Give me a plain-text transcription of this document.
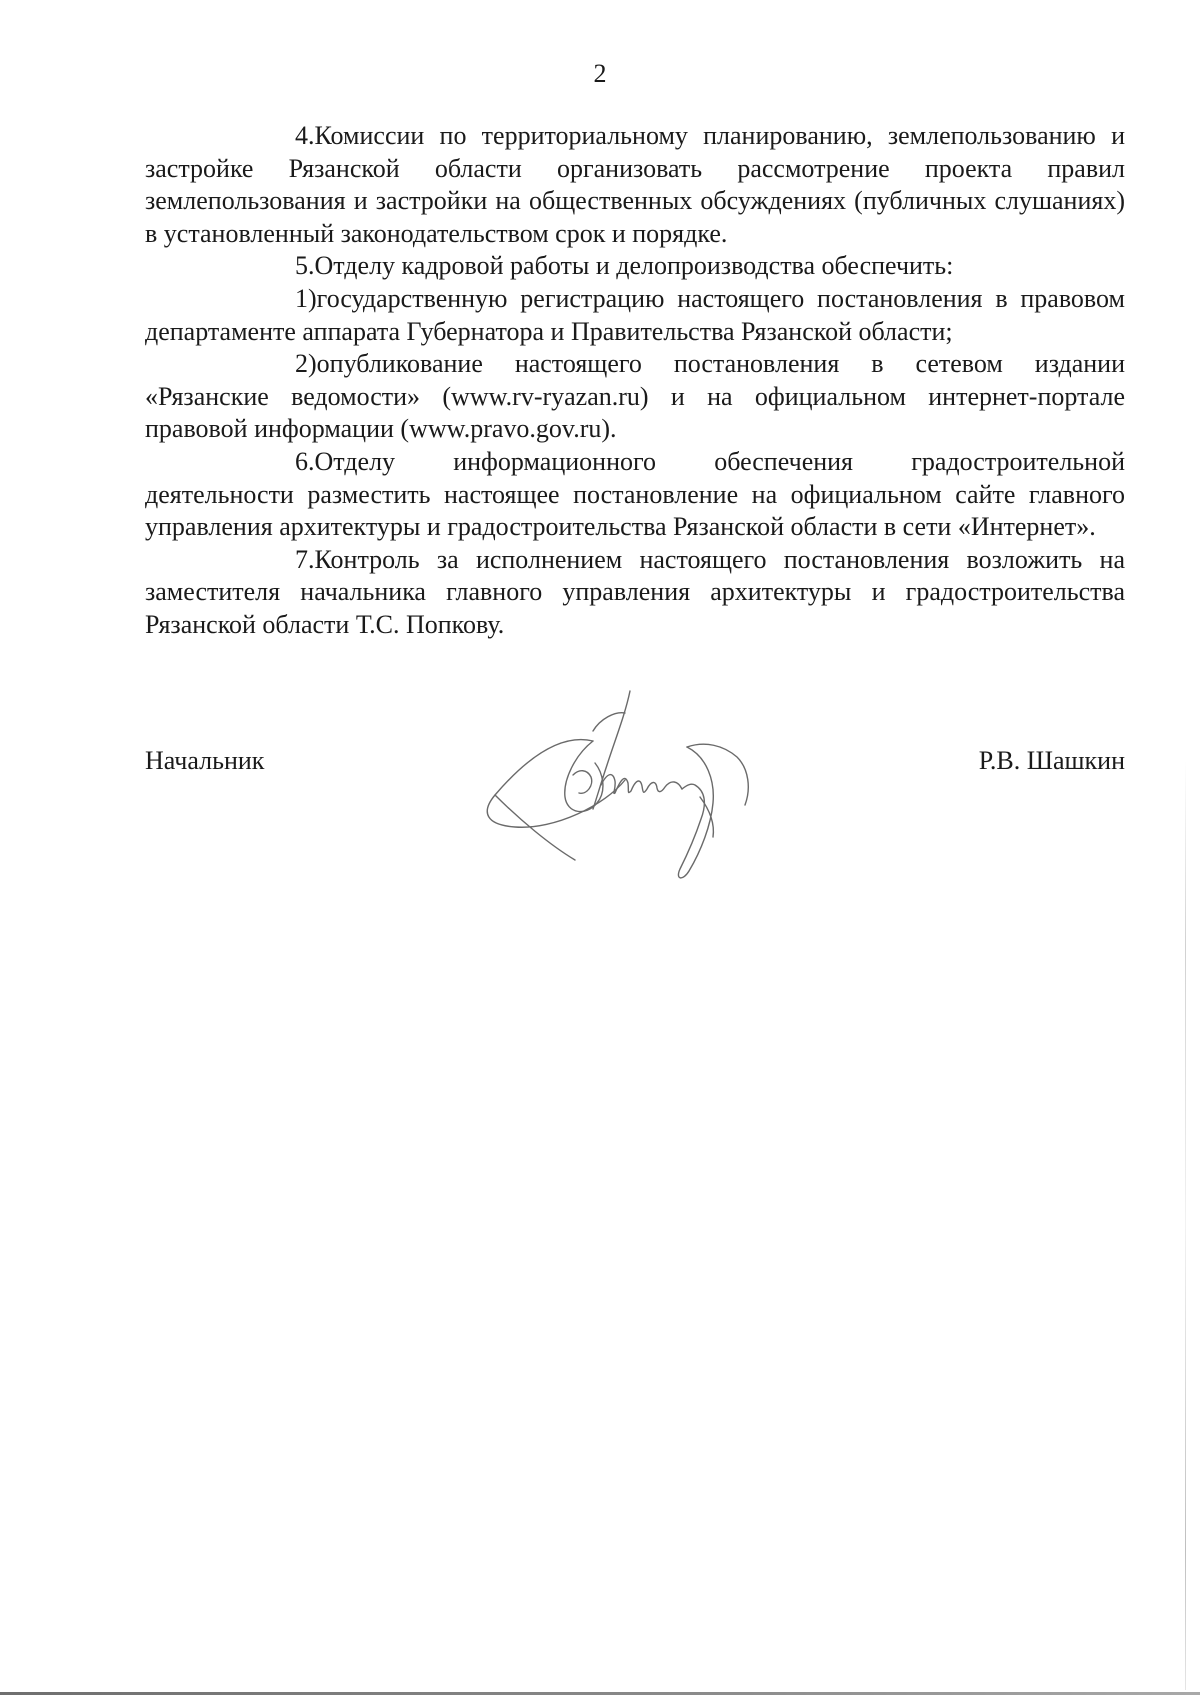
2

4.Комиссии по территориальному планированию, землепользованию и застройке Рязанской области организовать рассмотрение проекта правил землепользования и застройки на общественных обсуждениях (публичных слушаниях) в установленный законодательством срок и порядке.

5.Отделу кадровой работы и делопроизводства обеспечить:

1)государственную регистрацию настоящего постановления в правовом департаменте аппарата Губернатора и Правительства Рязанской области;

2)опубликование настоящего постановления в сетевом издании «Рязанские ведомости» (www.rv-ryazan.ru) и на официальном интернет-портале правовой информации (www.pravo.gov.ru).

6.Отделу информационного обеспечения градостроительной деятельности разместить настоящее постановление на официальном сайте главного управления архитектуры и градостроительства Рязанской области в сети «Интернет».

7.Контроль за исполнением настоящего постановления возложить на заместителя начальника главного управления архитектуры и градостроительства Рязанской области Т.С. Попкову.

Начальник	Р.В. Шашкин
